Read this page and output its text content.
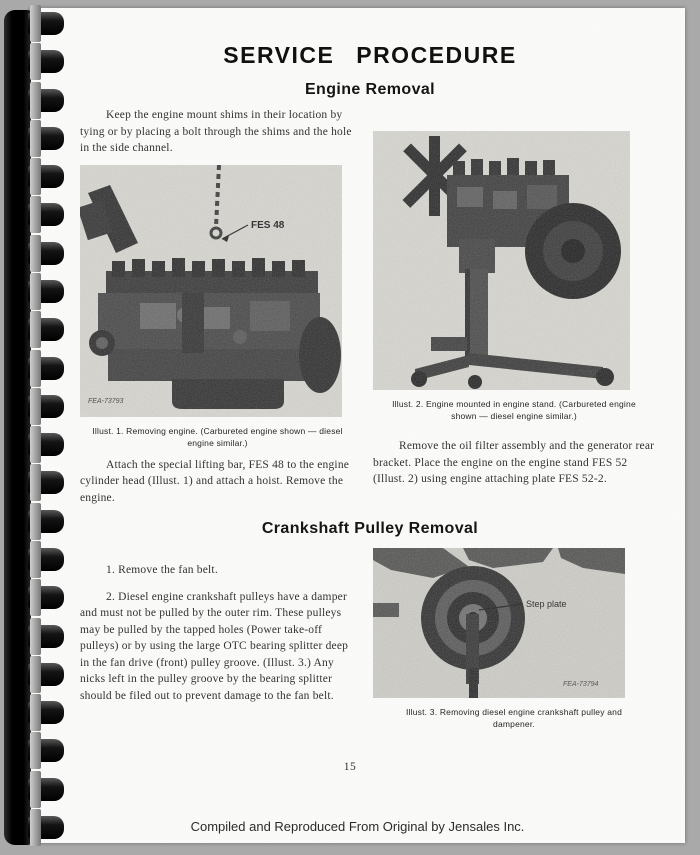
SERVICE PROCEDURE
Engine Removal

Keep the engine mount shims in their location by tying or by placing a bolt through the shims and the hole in the side channel.

FES 48
FEA-73793
Illust. 1. Removing engine. (Carbureted engine shown — diesel engine similar.)

Attach the special lifting bar, FES 48 to the engine cylinder head (Illust. 1) and attach a hoist. Remove the engine.

FEA-73762
Illust. 2. Engine mounted in engine stand. (Carbureted engine shown — diesel engine similar.)

Remove the oil filter assembly and the generator rear bracket. Place the engine on the engine stand FES 52 (Illust. 2) using engine attaching plate FES 52-2.

Crankshaft Pulley Removal

1. Remove the fan belt.

2. Diesel engine crankshaft pulleys have a damper and must not be pulled by the outer rim. These pulleys may be pulled by the tapped holes (Power take-off pulleys) or by using the large OTC bearing splitter deep in the fan drive (front) pulley groove. (Illust. 3.) Any nicks left in the pulley groove by the bearing splitter should be filed out to prevent damage to the fan belt.

Step plate
FEA-73794
Illust. 3. Removing diesel engine crankshaft pulley and dampener.
15
Compiled and Reproduced From Original by Jensales Inc.
